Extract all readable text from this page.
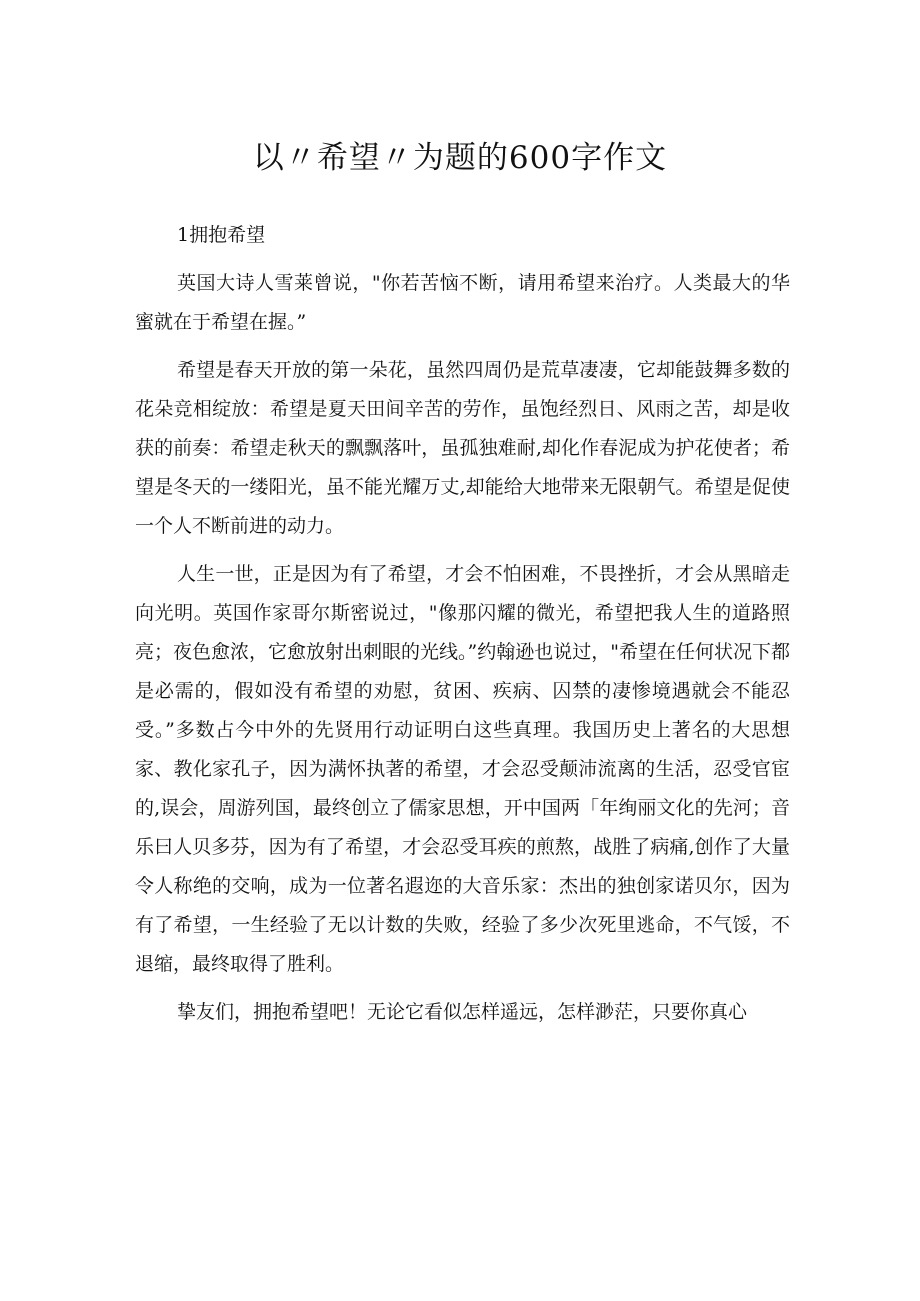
以〃希望〃为题的600字作文

1拥抱希望

英国大诗人雪莱曾说，"你若苦恼不断，请用希望来治疗。人类最大的华蜜就在于希望在握。”

希望是春天开放的第一朵花，虽然四周仍是荒草凄凄，它却能鼓舞多数的花朵竞相绽放：希望是夏天田间辛苦的劳作，虽饱经烈日、风雨之苦，却是收获的前奏：希望走秋天的飘飘落叶，虽孤独难耐,却化作春泥成为护花使者；希望是冬天的一缕阳光，虽不能光耀万丈,却能给大地带来无限朝气。希望是促使一个人不断前进的动力。

人生一世，正是因为有了希望，才会不怕困难，不畏挫折，才会从黑暗走向光明。英国作家哥尔斯密说过，"像那闪耀的微光，希望把我人生的道路照亮；夜色愈浓，它愈放射出刺眼的光线。”约翰逊也说过，"希望在任何状况下都是必需的，假如没有希望的劝慰，贫困、疾病、囚禁的凄惨境遇就会不能忍受。”多数占今中外的先贤用行动证明白这些真理。我国历史上著名的大思想家、教化家孔子，因为满怀执著的希望，才会忍受颠沛流离的生活，忍受官宦的,误会，周游列国，最终创立了儒家思想，开中国两「年绚丽文化的先河；音乐曰人贝多芬，因为有了希望，才会忍受耳疾的煎熬，战胜了病痛,创作了大量令人称绝的交响，成为一位著名遐迩的大音乐家：杰出的独创家诺贝尔，因为有了希望，一生经验了无以计数的失败，经验了多少次死里逃命，不气馁，不退缩，最终取得了胜利。

挚友们，拥抱希望吧！无论它看似怎样遥远，怎样渺茫，只要你真心
